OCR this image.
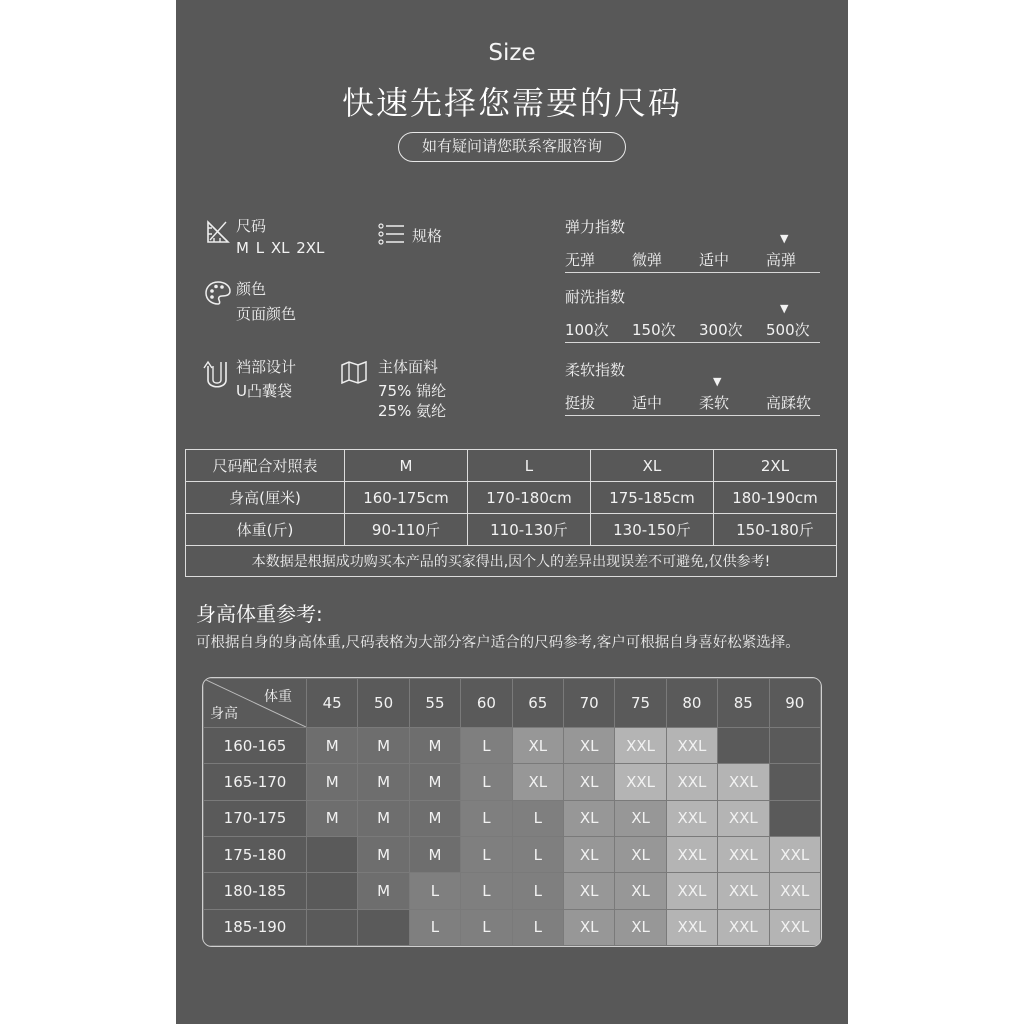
Size
快速先择您需要的尺码
如有疑问请您联系客服咨询
尺码
M L XL 2XL
规格
颜色
页面颜色
裆部设计
U凸囊袋
主体面料
75% 锦纶
25% 氨纶
弹力指数
无弹 微弹 适中 高弹
▼
耐洗指数
100次 150次 300次 500次
▼
柔软指数
挺拔 适中 柔软
▼
高蹂软
尺码配合对照表	M	L	XL	2XL
身高(厘米)	160-175cm	170-180cm	175-185cm	180-190cm
体重(斤)	90-110斤	110-130斤	130-150斤	150-180斤
本数据是根据成功购买本产品的买家得出,因个人的差异出现误差不可避免,仅供参考!				
身高体重参考:
可根据自身的身高体重,尺码表格为大部分客户适合的尺码参考,客户可根据自身喜好松紧选择。
体重
身高	45	50	55	60	65	70	75	80	85	90
160-165	M	M	M	L	XL	XL	XXL	XXL		
165-170	M	M	M	L	XL	XL	XXL	XXL	XXL	
170-175	M	M	M	L	L	XL	XL	XXL	XXL	
175-180		M	M	L	L	XL	XL	XXL	XXL	XXL
180-185		M	L	L	L	XL	XL	XXL	XXL	XXL
185-190			L	L	L	XL	XL	XXL	XXL	XXL
